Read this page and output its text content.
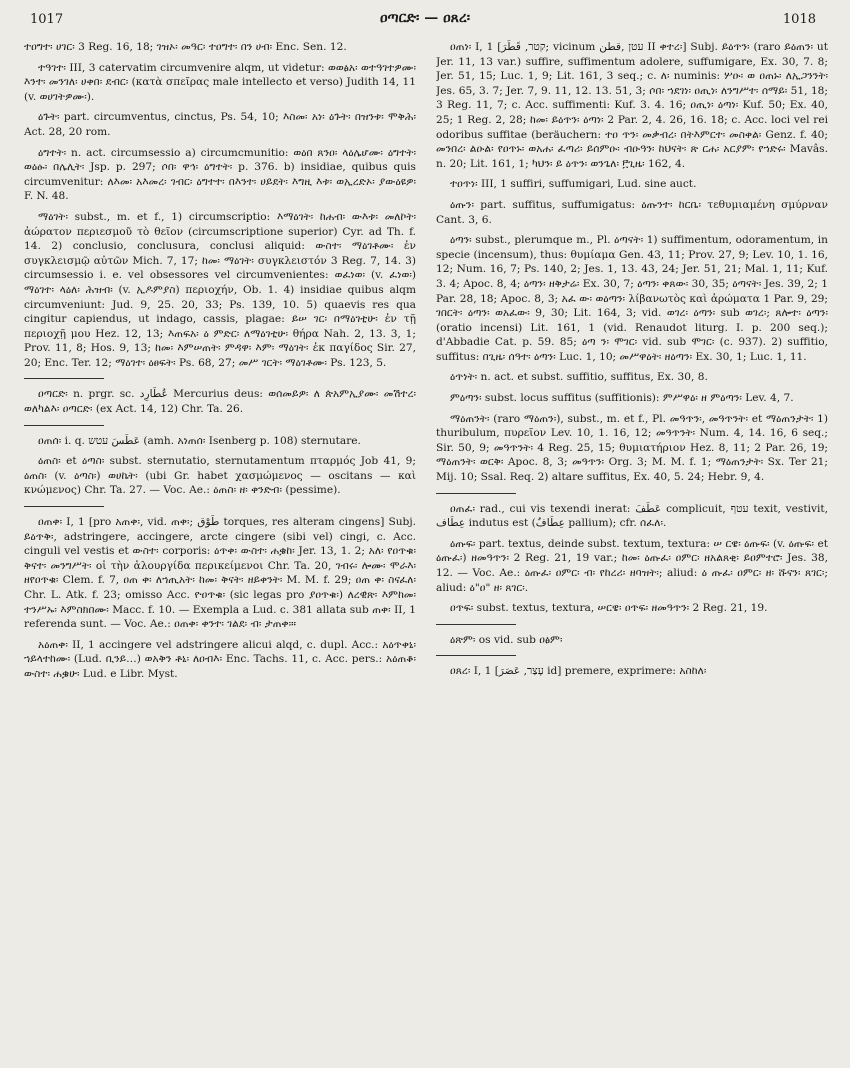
1017	ዐጣርድ፡ — ዐጸረ፡	1018

ተዐግተ፡ ሀገር፡ 3 Reg. 16, 18; ገዝኦ፡ መዓር፡ ተዐግተ፡ በን ሀብ፡ Enc. Sen. 12.

ተዓገተ፡ III, 3 catervatim circumvenire alqm, ut videtur: ወወፅአ፡ ወተዓገተዎሙ፡ እንተ፡ መንገለ፡ ሀቀበ፡ ደብር፡ (κατὰ σπεῖρας male intellecto et verso) Judith 14, 11 (v. ወሀገትዎሙ፡).

ዕጉት፡ part. circumventus, cinctus, Ps. 54, 10; እስመ፡ አነ፡ ዕጉት፡ በዝንቱ፡ ሞቅሕ፡ Act. 28, 20 rom.

ዕግተት፡ n. act. circumsessio a) circumcmunitio: ወዕበ ጸንዐ፡ ላዕሌሆሙ፡ ዕግተት፡ ወዕፁ፡ በሌሊት፡ Jsp. p. 297; ሶበ፡ ዋኅ፡ ዕግተት፡ p. 376. b) insidiae, quibus quis circumvenitur: ለእመ፡ አእመረ፡ ገብር፡ ዕግተተ፡ በእንተ፡ ሀይደት፡ እግዚ እቱ፡ ወኢረድኦ፡ ያውዕዩዎ፡ F. N. 48.

ማዕገት፡ subst., m. et f., 1) circumscriptio: እማዕገት፡ ከሐብ፡ ውእቱ፡ መለኮት፡ ἀώρατον περιεσμοῦ τὸ θεῖον (circumscriptione superior) Cyr. ad Th. f. 14. 2) conclusio, conclusura, conclusi aliquid: ውስተ፡ ማዕገቶሙ፡ ἐν συγκλεισμῷ αὐτῶν Mich. 7, 17; ከመ፡ ማዕገት፡ συγκλειστόν 3 Reg. 7, 14. 3) circumsessio i. e. vel obsessores vel circumvenientes: ወፈነወ፡ (v. ፈነወ፡) ማዕገተ፡ ላዕለ፡ ሕዝብ፡ (v. ኢዶምያስ) περιοχήν, Ob. 1. 4) insidiae quibus alqm circumveniunt: Jud. 9, 25. 20, 33; Ps. 139, 10. 5) quaevis res qua cingitur capiendus, ut indago, cassis, plagae: ይሠ ገር፡ በማዕገቲሁ፡ ἐν τῇ περιοχῇ μου Hez. 12, 13; እጠፍአ፡ ዕ ምድር፡ ለማዕገቲሁ፡ θήρα Nah. 2, 13. 3, 1; Prov. 11, 8; Hos. 9, 13; ከመ፡ እምሠጠት፡ ምዳዋ፡ እም፡ ማዕገት፡ ἐκ παγίδος Sir. 27, 20; Enc. Ter. 12; ማዕገተ፡ ዕፀፍት፡ Ps. 68, 27; መሥ ገርት፡ ማዕገቶሙ፡ Ps. 123, 5.

ዐጣርድ፡ n. prgr. sc. عُطَارِد Mercurius deus: ወሰመይዎ፡ ለ ጵአምኢያሙ፡ መሽተረ፡ ወለካልእ፡ ዐጣርድ፡ (ex Act. 14, 12) Chr. Ta. 26.

ዐጠሰ፡ i. q. عَطَسَ עטש (amh. አነጠሰ፡ Isenberg p. 108) sternutare.

ዕጠስ፡ et ዕጣስ፡ subst. sternutatio, sternutamentum πταρμός Job 41, 9; ዕጠስ፡ (v. ዕጣስ፡) ወሀኬት፡ (ubi Gr. habet χασμώμενος — oscitans — καὶ κνώμενος) Chr. Ta. 27. — Voc. Ae.: ዕጠስ፡ ዘ፡ ቀንድብ፡ (pessime).

ዐጠቀ፡ I, 1 [pro አጠቀ፡, vid. ጠቀ፡; طَوْق torques, res alteram cingens] Subj. ይዕጥቅ፡, adstringere, accingere, arcte cingere (sibi vel) cingi, c. Acc. cinguli vel vestis et ውስተ፡ corporis: ዕጥቀ፡ ውስተ፡ ሐቌከ፡ Jer. 13, 1. 2; አለ፡ የዐጥቁ፡ ቅናተ፡ መንግሥት፡ οἱ τὴν ἁλουργίδα περικείμενοι Chr. Ta. 20, ገብሩ፡ ሎሙ፡ ሞራእ፡ ዘየዐጥቁ፡ Clem. f. 7, ዐጠ ቀ፡ ለኀጢአት፡ ከመ፡ ቅናት፡ ዘይቀንት፡ M. M. f. 29; ዐጠ ቀ፡ ስናፈለ፡ Chr. L. Atk. f. 23; omisso Acc. ዮዐጥቁ፡ (sic legas pro ያዐጥቁ፡) ለረዊጽ፡ እምከመ፡ ተንሥኡ፡ እምስክበሙ፡ Macc. f. 10. — Exempla a Lud. c. 381 allata sub ጠቀ፡ II, 1 referenda sunt. — Voc. Ae.: ዐጠቀ፡ ቀንተ፡ ገልደ፡ ብ፡ ታጠቀ፡።

አዕጠቀ፡ II, 1 accingere vel adstringere alicui alqd, c. dupl. Acc.: አዕጥቀኒ፡ ኀይላተከሙ፡ (Lud. ቢንይ…) ወአቅን ቶኒ፡ ለዐብእ፡ Enc. Tachs. 11, c. Acc. pers.: አዕጠቆ፡ ውስተ፡ ሐቌሁ፡ Lud. e Libr. Myst.

ዐጠነ፡ I, 1 [קטר, قَطَرَ; vicinum עטן ,قطن II ቀተረ፡] Subj. ይዕጥን፡ (raro ይዕጠን፡ ut Jer. 11, 13 var.) suffire, suffimentum adolere, suffumigare, Ex. 30, 7. 8; Jer. 51, 15; Luc. 1, 9; Lit. 161, 3 seq.; c. ለ፡ numinis: ሦዑ፡ ወ ዐጠኑ፡ ለኢጋንንት፡ Jes. 65, 3. 7; Jer. 7, 9. 11, 12. 13. 51, 3; ሶበ፡ ኀደገነ፡ ዐጢነ፡ ለንግሥተ፡ ሰማይ፡ 51, 18; 3 Reg. 11, 7; c. Acc. suffimenti: Kuf. 3. 4. 16; ዐጢነ፡ ዕጣነ፡ Kuf. 50; Ex. 40, 25; 1 Reg. 2, 28; ከመ፡ ይዕጥን፡ ዕጣነ፡ 2 Par. 2, 4. 26, 16. 18; c. Acc. loci vel rei odoribus suffitae (beräuchern: ተዐ ጥን፡ መቃብረ፡ በትእምርተ፡ መስቀል፡ Genz. f. 40; መንበረ፡ ልዑል፡ የዐጥኑ፡ ወአሐ፡ ፈጣሪ፡ ይሰምዑ፡ ብዑዓን፡ ከህናት፡ ጽ ርሐ፡ አርያም፡ የኀድሩ፡ Mavâs. n. 20; Lit. 161, 1; ካህን፡ ይ ዕጥን፡ ወንጌለ፡ ፫ጊዜ፡ 162, 4.

ተዐጥነ፡ III, 1 suffiri, suffumigari, Lud. sine auct.

ዕጡን፡ part. suffitus, suffumigatus: ዕጡንተ፡ ከርቤ፡ τεθυμιαμένη σμύρναν Cant. 3, 6.

ዕጣን፡ subst., plerumque m., Pl. ዕጣናት፡ 1) suffimentum, odoramentum, in specie (incensum), thus: θυμίαμα Gen. 43, 11; Prov. 27, 9; Lev. 10, 1. 16, 12; Num. 16, 7; Ps. 140, 2; Jes. 1, 13. 43, 24; Jer. 51, 21; Mal. 1, 11; Kuf. 3. 4; Apoc. 8, 4; ዕጣን፡ ዘቅታሬ፡ Ex. 30, 7; ዕጣን፡ ቀጸው፡ 30, 35; ዕጣናት፡ Jes. 39, 2; 1 Par. 28, 18; Apoc. 8, 3; አፈ ው፡ ወዕጣን፡ λίβανωτὸς καὶ ἀρώματα 1 Par. 9, 29; ገበርት፡ ዕጣን፡ ወአፈው፡ 9, 30; Lit. 164, 3; vid. ወገረ፡ ዕጣን፡ sub ወገረ፡; ጸሎተ፡ ዕጣን፡ (oratio incensi) Lit. 161, 1 (vid. Renaudot liturg. I. p. 200 seq.); d'Abbadie Cat. p. 59. 85; ዕጣ ን፡ ሞገር፡ vid. sub ሞገር፡ (c. 937). 2) suffitio, suffitus: በጊዜ፡ ሰዓተ፡ ዕጣን፡ Luc. 1, 10; መሥዋዕት፡ ዘዕጣን፡ Ex. 30, 1; Luc. 1, 11.

ዕጥነት፡ n. act. et subst. suffitio, suffitus, Ex. 30, 8.

ምዕጣን፡ subst. locus suffitus (suffitionis): ምሥዋዕ፡ ዘ ምዕጣን፡ Lev. 4, 7.

ማዕጠንት፡ (raro ማዕጠን፡), subst., m. et f., Pl. መዓጥን፡, መዓጥንት፡ et ማዕጠንታት፡ 1) thuribulum, πυρεῖον Lev. 10, 1. 16, 12; መዓጥንት፡ Num. 4, 14. 16, 6 seq.; Sir. 50, 9; መዓጥንት፡ 4 Reg. 25, 15; θυμιατήριον Hez. 8, 11; 2 Par. 26, 19; ማዕጠንት፡ ወርቅ፡ Apoc. 8, 3; መዓጥን፡ Org. 3; M. M. f. 1; ማዕጠንታት፡ Sx. Ter 21; Mij. 10; Ssal. Req. 2) altare suffitus, Ex. 40, 5. 24; Hebr. 9, 4.

ዐጠፈ፡ rad., cui vis texendi inerat: عَطَفَ complicuit, עטף texit, vestivit, عِطَاف indutus est (عِطَافٌ pallium); cfr. ሰፈለ፡.

ዕጡፍ፡ part. textus, deinde subst. textum, textura: ሠ ርዌ፡ ዕጡፍ፡ (v. ዕጡፍ፡ et ዕጡፈ፡) ዘመዓጥን፡ 2 Reg. 21, 19 var.; ከመ፡ ዕጡፈ፡ ዐምር፡ ዘአልጸቂ፡ ይዐምተሮ፡ Jes. 38, 12. — Voc. Ae.: ዕጡፈ፡ ዐምር፡ ብ፡ የከረሪ፡ ዘባዝት፡; aliud: ዕ ጡፈ፡ ዐምር፡ ዘ፡ ሹናን፡ ጸገር፡; aliud: ዕ"ዐ" ዘ፡ ጸገር፡.

ዐጥፍ፡ subst. textus, textura, ሠርዌ፡ ዐጥፍ፡ ዘመዓጥን፡ 2 Reg. 21, 19.

ዕጽም፡ os vid. sub ዐፅም፡

ዐጸረ፡ I, 1 [עָצַר, عَصَرَ id] premere, exprimere: አስከለ፡
